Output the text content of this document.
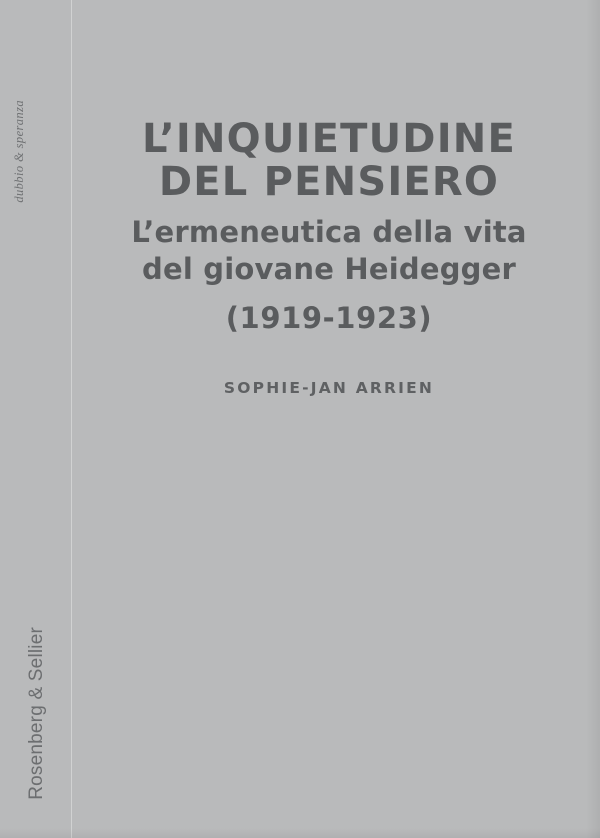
dubbio & speranza
Rosenberg & Sellier
L’INQUIETUDINE
DEL PENSIERO
L’ermeneutica della vita
del giovane Heidegger
(1919-1923)
SOPHIE-JAN ARRIEN
